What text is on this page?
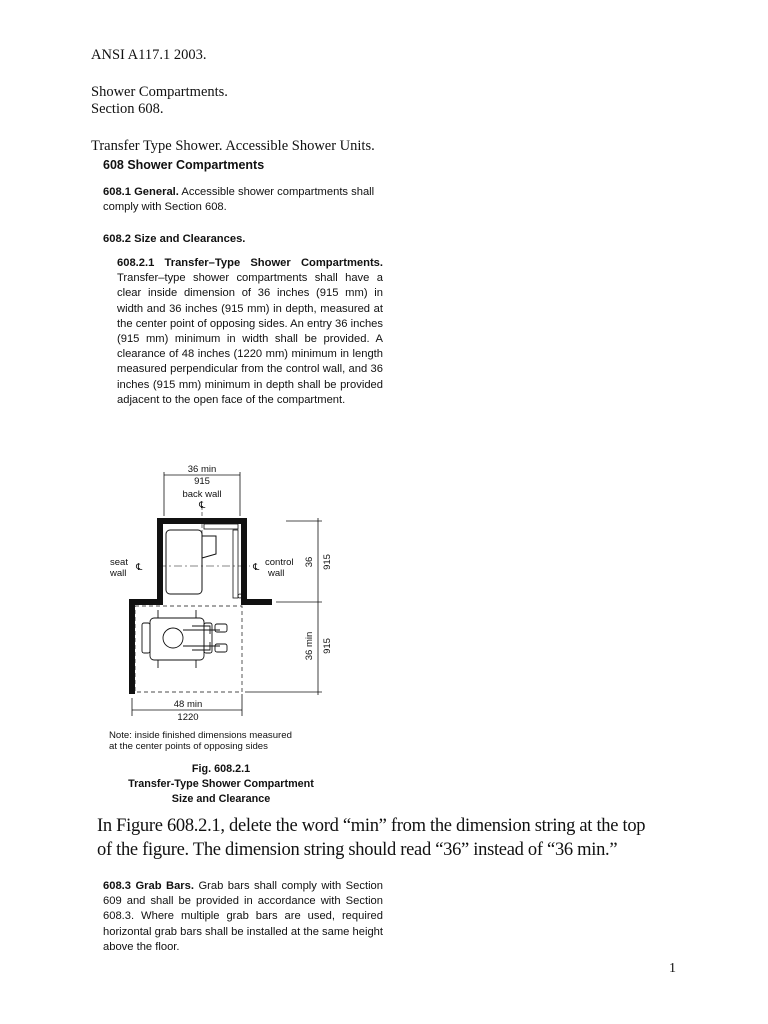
ANSI A117.1 2003.
Shower Compartments.
Section 608.
Transfer Type Shower. Accessible Shower Units.
608 Shower Compartments
608.1 General. Accessible shower compartments shall comply with Section 608.
608.2 Size and Clearances.
608.2.1 Transfer–Type Shower Compartments. Transfer–type shower compartments shall have a clear inside dimension of 36 inches (915 mm) in width and 36 inches (915 mm) in depth, measured at the center point of opposing sides. An entry 36 inches (915 mm) minimum in width shall be provided. A clearance of 48 inches (1220 mm) minimum in length measured perpendicular from the control wall, and 36 inches (915 mm) minimum in depth shall be provided adjacent to the open face of the compartment.
36 min
915
back wall
℄
seat
wall
℄	℄ control
wall
36 915
36 min 915
48 min
1220
Note: inside finished dimensions measured
at the center points of opposing sides
Fig. 608.2.1
Transfer-Type Shower Compartment
Size and Clearance
In Figure 608.2.1, delete the word “min” from the dimension string at the top of the figure. The dimension string should read “36” instead of “36 min.”
608.3 Grab Bars. Grab bars shall comply with Section 609 and shall be provided in accordance with Section 608.3. Where multiple grab bars are used, required horizontal grab bars shall be installed at the same height above the floor.
1
